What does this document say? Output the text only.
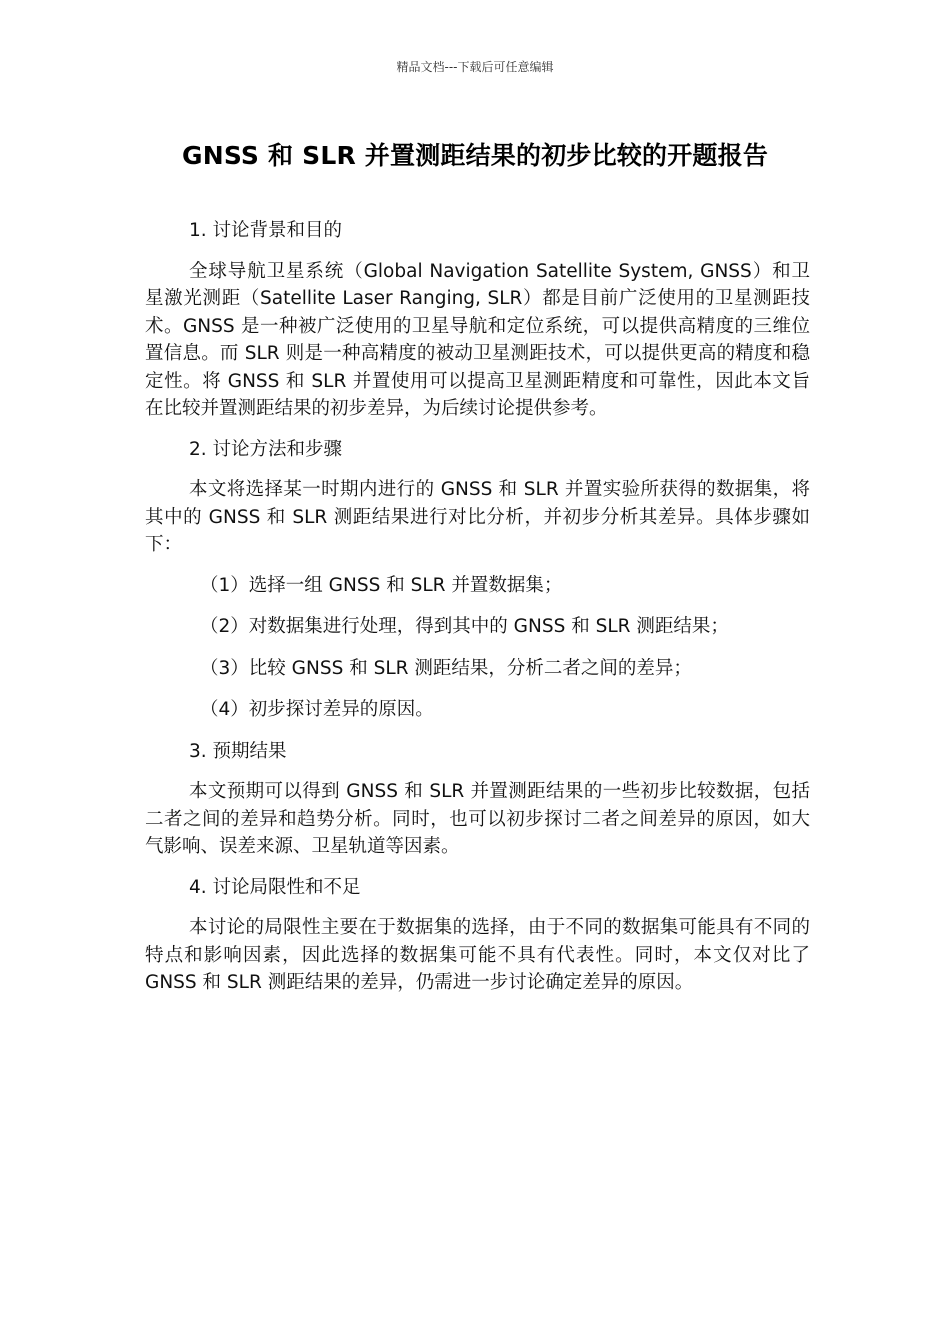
精品文档---下载后可任意编辑
GNSS 和 SLR 并置测距结果的初步比较的开题报告
1. 讨论背景和目的
全球导航卫星系统（Global Navigation Satellite System, GNSS）和卫星激光测距（Satellite Laser Ranging, SLR）都是目前广泛使用的卫星测距技术。GNSS 是一种被广泛使用的卫星导航和定位系统，可以提供高精度的三维位置信息。而 SLR 则是一种高精度的被动卫星测距技术，可以提供更高的精度和稳定性。将 GNSS 和 SLR 并置使用可以提高卫星测距精度和可靠性，因此本文旨在比较并置测距结果的初步差异，为后续讨论提供参考。
2. 讨论方法和步骤
本文将选择某一时期内进行的 GNSS 和 SLR 并置实验所获得的数据集，将其中的 GNSS 和 SLR 测距结果进行对比分析，并初步分析其差异。具体步骤如下：
（1）选择一组 GNSS 和 SLR 并置数据集；
（2）对数据集进行处理，得到其中的 GNSS 和 SLR 测距结果；
（3）比较 GNSS 和 SLR 测距结果，分析二者之间的差异；
（4）初步探讨差异的原因。
3. 预期结果
本文预期可以得到 GNSS 和 SLR 并置测距结果的一些初步比较数据，包括二者之间的差异和趋势分析。同时，也可以初步探讨二者之间差异的原因，如大气影响、误差来源、卫星轨道等因素。
4. 讨论局限性和不足
本讨论的局限性主要在于数据集的选择，由于不同的数据集可能具有不同的特点和影响因素，因此选择的数据集可能不具有代表性。同时，本文仅对比了 GNSS 和 SLR 测距结果的差异，仍需进一步讨论确定差异的原因。
